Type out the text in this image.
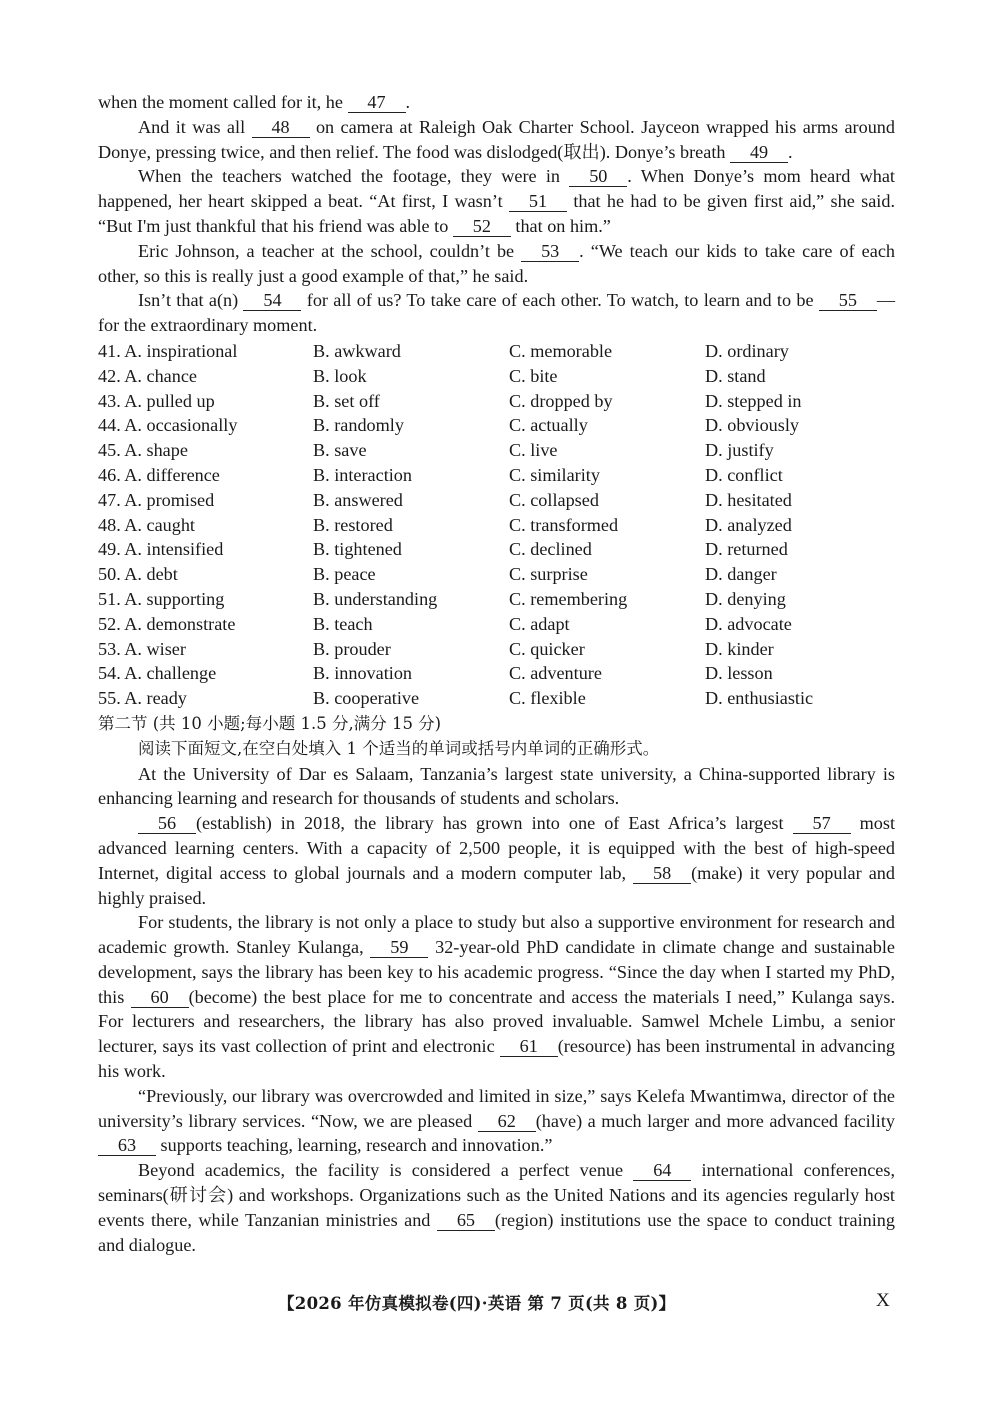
when the moment called for it, he 47 .

And it was all 48 on camera at Raleigh Oak Charter School. Jayceon wrapped his arms around Donye, pressing twice, and then relief. The food was dislodged(取出). Donye’s breath 49 .

When the teachers watched the footage, they were in 50 . When Donye’s mom heard what happened, her heart skipped a beat. “At first, I wasn’t 51 that he had to be given first aid,” she said. “But I'm just thankful that his friend was able to 52 that on him.”

Eric Johnson, a teacher at the school, couldn’t be 53 . “We teach our kids to take care of each other, so this is really just a good example of that,” he said.

Isn’t that a(n) 54 for all of us? To take care of each other. To watch, to learn and to be 55 —for the extraordinary moment.

41. A. inspirational	B. awkward	C. memorable	D. ordinary
42. A. chance	B. look	C. bite	D. stand
43. A. pulled up	B. set off	C. dropped by	D. stepped in
44. A. occasionally	B. randomly	C. actually	D. obviously
45. A. shape	B. save	C. live	D. justify
46. A. difference	B. interaction	C. similarity	D. conflict
47. A. promised	B. answered	C. collapsed	D. hesitated
48. A. caught	B. restored	C. transformed	D. analyzed
49. A. intensified	B. tightened	C. declined	D. returned
50. A. debt	B. peace	C. surprise	D. danger
51. A. supporting	B. understanding	C. remembering	D. denying
52. A. demonstrate	B. teach	C. adapt	D. advocate
53. A. wiser	B. prouder	C. quicker	D. kinder
54. A. challenge	B. innovation	C. adventure	D. lesson
55. A. ready	B. cooperative	C. flexible	D. enthusiastic
第二节 (共 10 小题;每小题 1.5 分,满分 15 分)
阅读下面短文,在空白处填入 1 个适当的单词或括号内单词的正确形式。

At the University of Dar es Salaam, Tanzania’s largest state university, a China-supported library is enhancing learning and research for thousands of students and scholars.

56 (establish) in 2018, the library has grown into one of East Africa’s largest 57 most advanced learning centers. With a capacity of 2,500 people, it is equipped with the best of high-speed Internet, digital access to global journals and a modern computer lab, 58 (make) it very popular and highly praised.

For students, the library is not only a place to study but also a supportive environment for research and academic growth. Stanley Kulanga, 59 32-year-old PhD candidate in climate change and sustainable development, says the library has been key to his academic progress. “Since the day when I started my PhD, this 60 (become) the best place for me to concentrate and access the materials I need,” Kulanga says. For lecturers and researchers, the library has also proved invaluable. Samwel Mchele Limbu, a senior lecturer, says its vast collection of print and electronic 61 (resource) has been instrumental in advancing his work.

“Previously, our library was overcrowded and limited in size,” says Kelefa Mwantimwa, director of the university’s library services. “Now, we are pleased 62 (have) a much larger and more advanced facility 63 supports teaching, learning, research and innovation.”

Beyond academics, the facility is considered a perfect venue 64 international conferences, seminars(研讨会) and workshops. Organizations such as the United Nations and its agencies regularly host events there, while Tanzanian ministries and 65 (region) institutions use the space to conduct training and dialogue.

【2026 年仿真模拟卷(四)·英语 第 7 页(共 8 页)】	X
